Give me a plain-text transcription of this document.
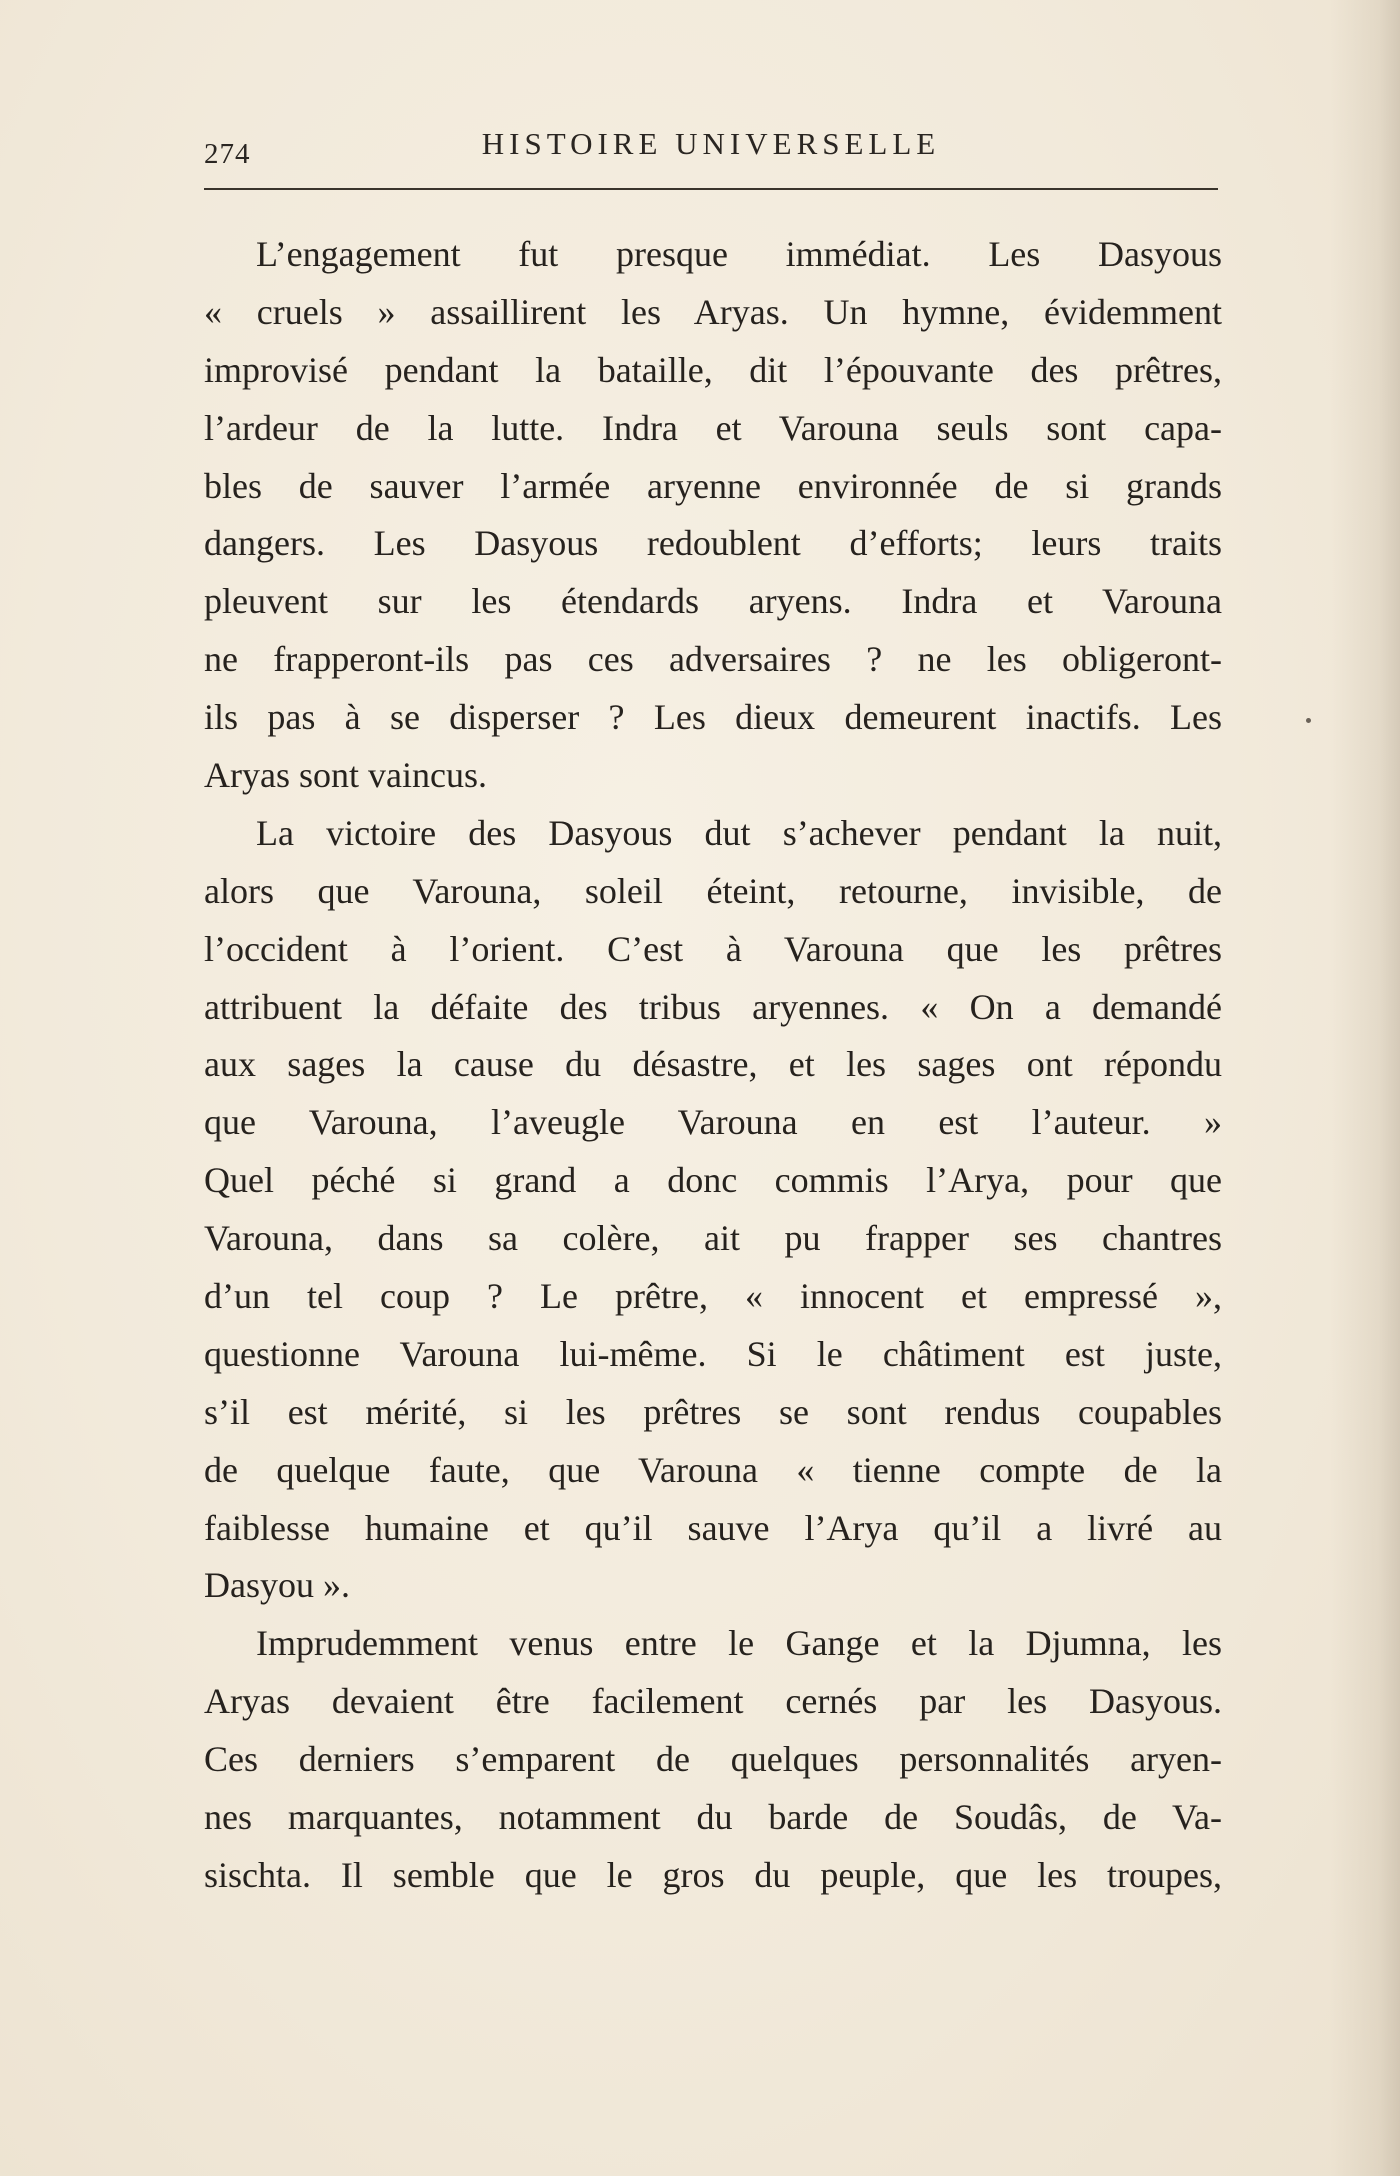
274	HISTOIRE UNIVERSELLE
L’engagement fut presque immédiat. Les Dasyous
« cruels » assaillirent les Aryas. Un hymne, évidemment
improvisé pendant la bataille, dit l’épouvante des prêtres,
l’ardeur de la lutte. Indra et Varouna seuls sont capa-
bles de sauver l’armée aryenne environnée de si grands
dangers. Les Dasyous redoublent d’efforts; leurs traits
pleuvent sur les étendards aryens. Indra et Varouna
ne frapperont-ils pas ces adversaires ? ne les obligeront-
ils pas à se disperser ? Les dieux demeurent inactifs. Les
Aryas sont vaincus.
La victoire des Dasyous dut s’achever pendant la nuit,
alors que Varouna, soleil éteint, retourne, invisible, de
l’occident à l’orient. C’est à Varouna que les prêtres
attribuent la défaite des tribus aryennes. « On a demandé
aux sages la cause du désastre, et les sages ont répondu
que Varouna, l’aveugle Varouna en est l’auteur. »
Quel péché si grand a donc commis l’Arya, pour que
Varouna, dans sa colère, ait pu frapper ses chantres
d’un tel coup ? Le prêtre, « innocent et empressé »,
questionne Varouna lui-même. Si le châtiment est juste,
s’il est mérité, si les prêtres se sont rendus coupables
de quelque faute, que Varouna « tienne compte de la
faiblesse humaine et qu’il sauve l’Arya qu’il a livré au
Dasyou ».
Imprudemment venus entre le Gange et la Djumna, les
Aryas devaient être facilement cernés par les Dasyous.
Ces derniers s’emparent de quelques personnalités aryen-
nes marquantes, notamment du barde de Soudâs, de Va-
sischta. Il semble que le gros du peuple, que les troupes,
